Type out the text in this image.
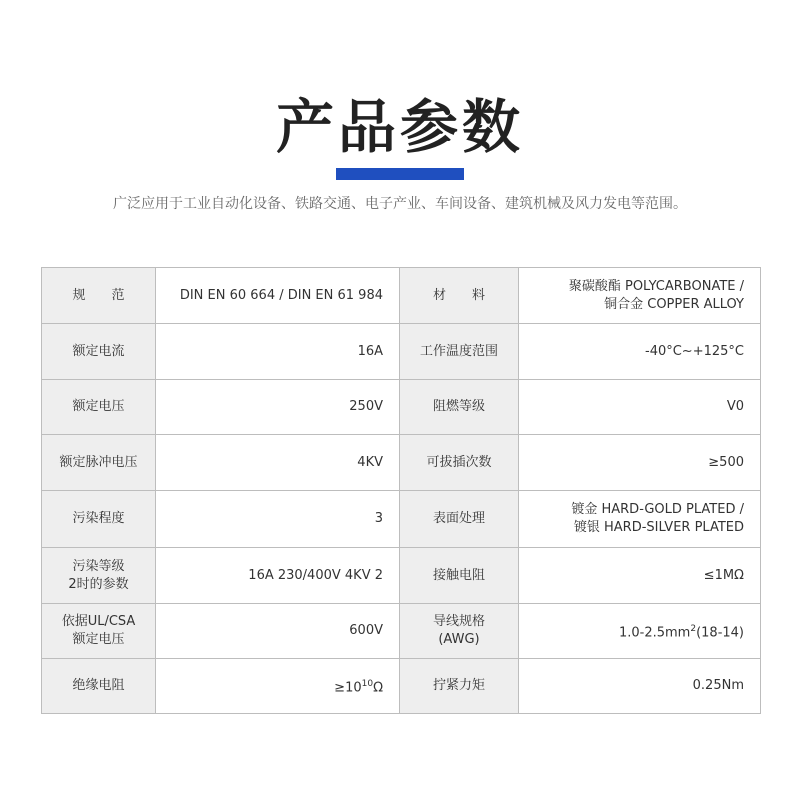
产品参数
广泛应用于工业自动化设备、铁路交通、电子产业、车间设备、建筑机械及风力发电等范围。
规　　范	DIN EN 60 664 / DIN EN 61 984	材　　料	聚碳酸酯 POLYCARBONATE /
铜合金 COPPER ALLOY

额定电流	16A	工作温度范围	-40°C~+125°C
额定电压	250V	阻燃等级	V0
额定脉冲电压	4KV	可拔插次数	≥500
污染程度	3	表面处理	镀金 HARD-GOLD PLATED /
镀银 HARD-SILVER PLATED

污染等级
2时的参数	16A 230/400V 4KV 2	接触电阻	≤1MΩ

依据UL/CSA
额定电压	600V	导线规格(AWG)	$1.0-2.5mm^2(18-14)$
绝缘电阻	$\ge 10^{10}\Omega$	拧紧力矩	0.25Nm
